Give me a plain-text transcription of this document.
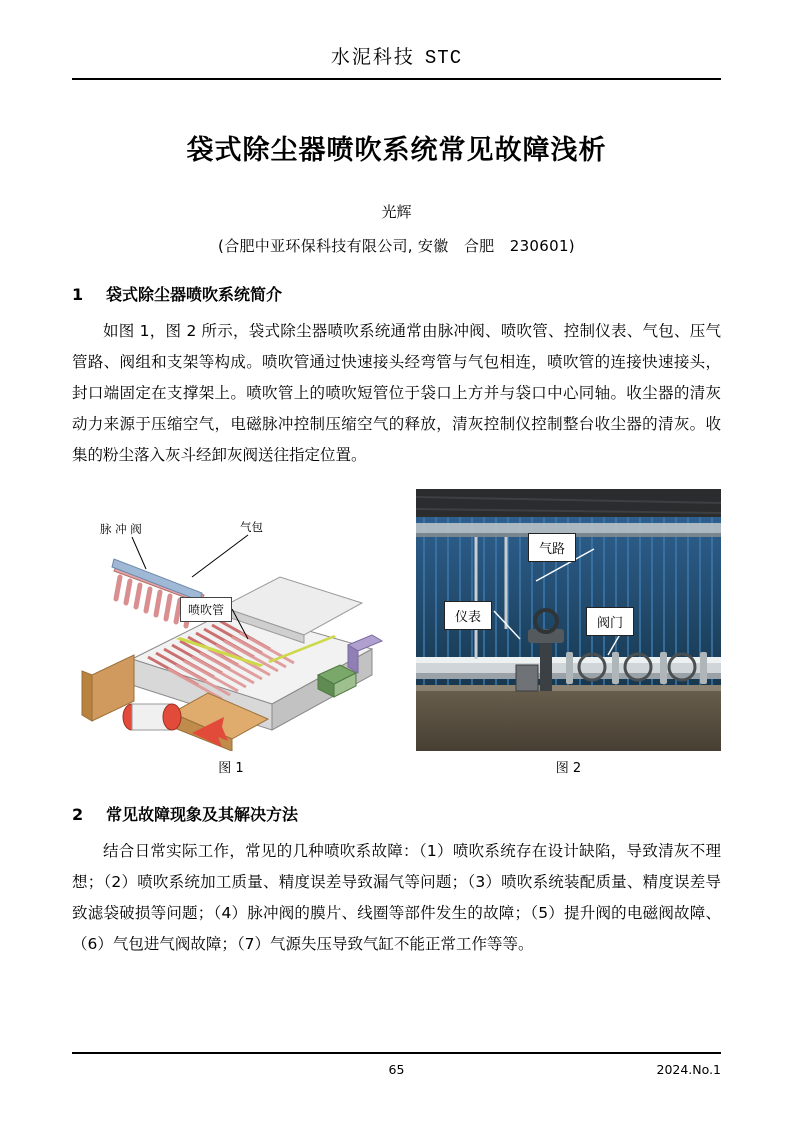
水泥科技 STC
袋式除尘器喷吹系统常见故障浅析
光辉
(合肥中亚环保科技有限公司, 安徽　合肥　230601)
1	袋式除尘器喷吹系统简介
如图 1，图 2 所示，袋式除尘器喷吹系统通常由脉冲阀、喷吹管、控制仪表、气包、压气管路、阀组和支架等构成。喷吹管通过快速接头经弯管与气包相连，喷吹管的连接快速接头，封口端固定在支撑架上。喷吹管上的喷吹短管位于袋口上方并与袋口中心同轴。收尘器的清灰动力来源于压缩空气，电磁脉冲控制压缩空气的释放，清灰控制仪控制整台收尘器的清灰。收集的粉尘落入灰斗经卸灰阀送往指定位置。
脉 冲 阀	气包
喷吹管
图 1
气路
仪表	阀门
图 2
2	常见故障现象及其解决方法
结合日常实际工作，常见的几种喷吹系故障：（1）喷吹系统存在设计缺陷，导致清灰不理想；（2）喷吹系统加工质量、精度误差导致漏气等问题；（3）喷吹系统装配质量、精度误差导致滤袋破损等问题；（4）脉冲阀的膜片、线圈等部件发生的故障；（5）提升阀的电磁阀故障、（6）气包进气阀故障；（7）气源失压导致气缸不能正常工作等等。
65	2024.No.1
